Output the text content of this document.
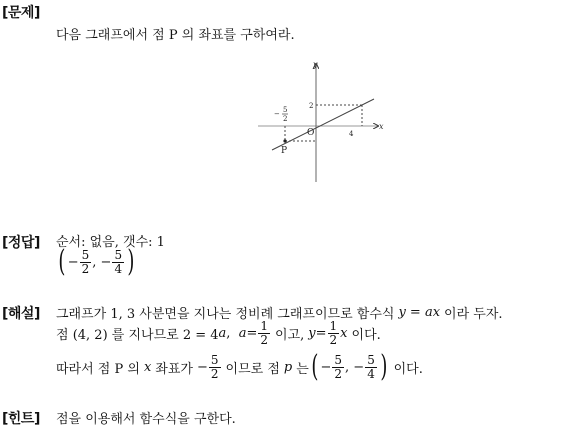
[문제]
다음 그래프에서 점 P 의 좌표를 구하여라.
y
x
O
2
4
− 5
2
P
[정답] 순서: 없음, 갯수: 1
( − $\frac{5}{2}$ , − $\frac{5}{4}$ )
[해설] 그래프가 1, 3 사분면을 지나는 정비례 그래프이므로 함수식 y = ax 이라 두자.
점 (4, 2) 를 지나므로 2 = 4 a , $a = \frac{1}{2}$ 이고, $y = \frac{1}{2}$ x 이다.
따라서 점 P 의 x 좌표가 − $\frac{5}{2}$ 이므로 점 p 는 ( − $\frac{5}{2}$ , − $\frac{5}{4}$ ) 이다.
[힌트] 점을 이용해서 함수식을 구한다.
